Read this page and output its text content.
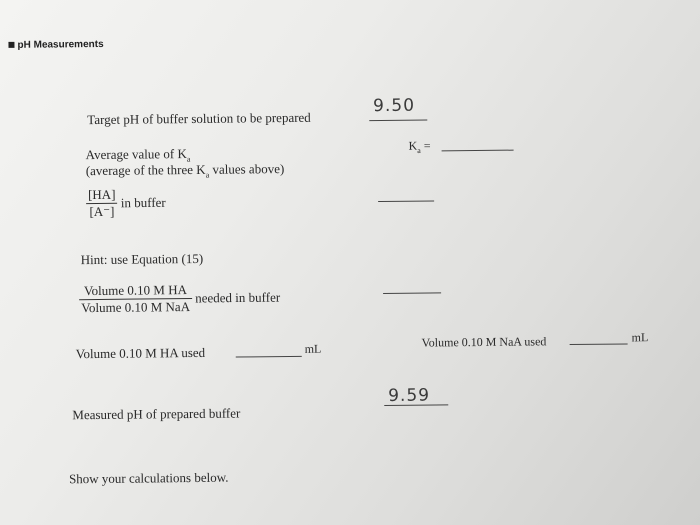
pH Measurements
Target pH of buffer solution to be prepared
9.50
Average value of $K_a$
(average of the three $K_a$ values above)
$K_a$ =
$\frac{[HA]}{[A^-]}$ in buffer
Hint: use Equation (15)
$\frac{\text{Volume 0.10 M HA}}{\text{Volume 0.10 M NaA}}$ needed in buffer
Volume 0.10 M HA used	mL	Volume 0.10 M NaA used	mL
Measured pH of prepared buffer
9.59
Show your calculations below.
